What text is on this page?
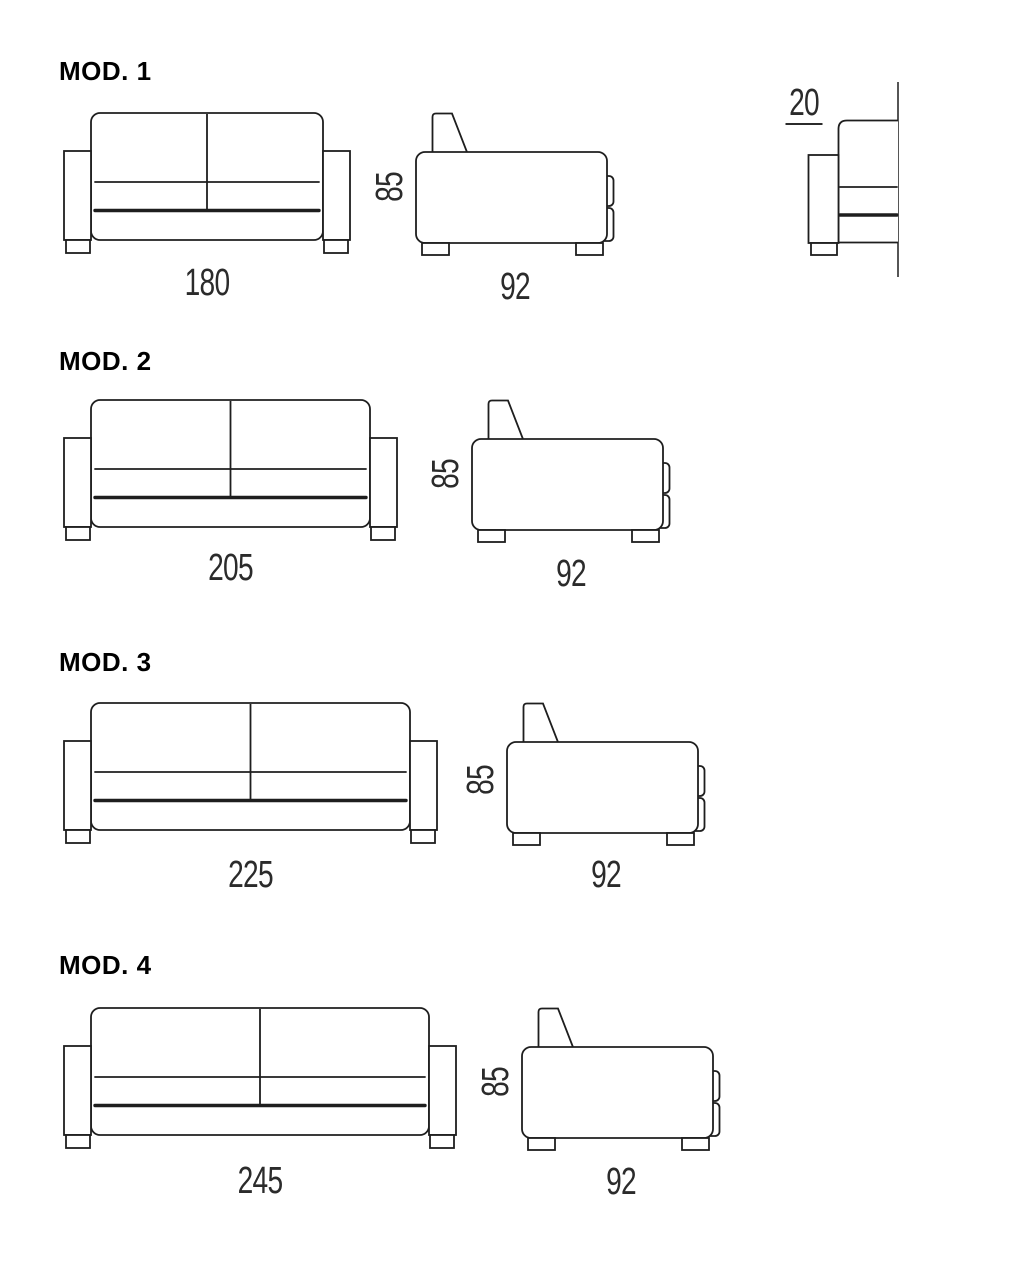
MOD. 1
180
85
92
20
MOD. 2
205
85
92
MOD. 3
225
85
92
MOD. 4
245
85
92
